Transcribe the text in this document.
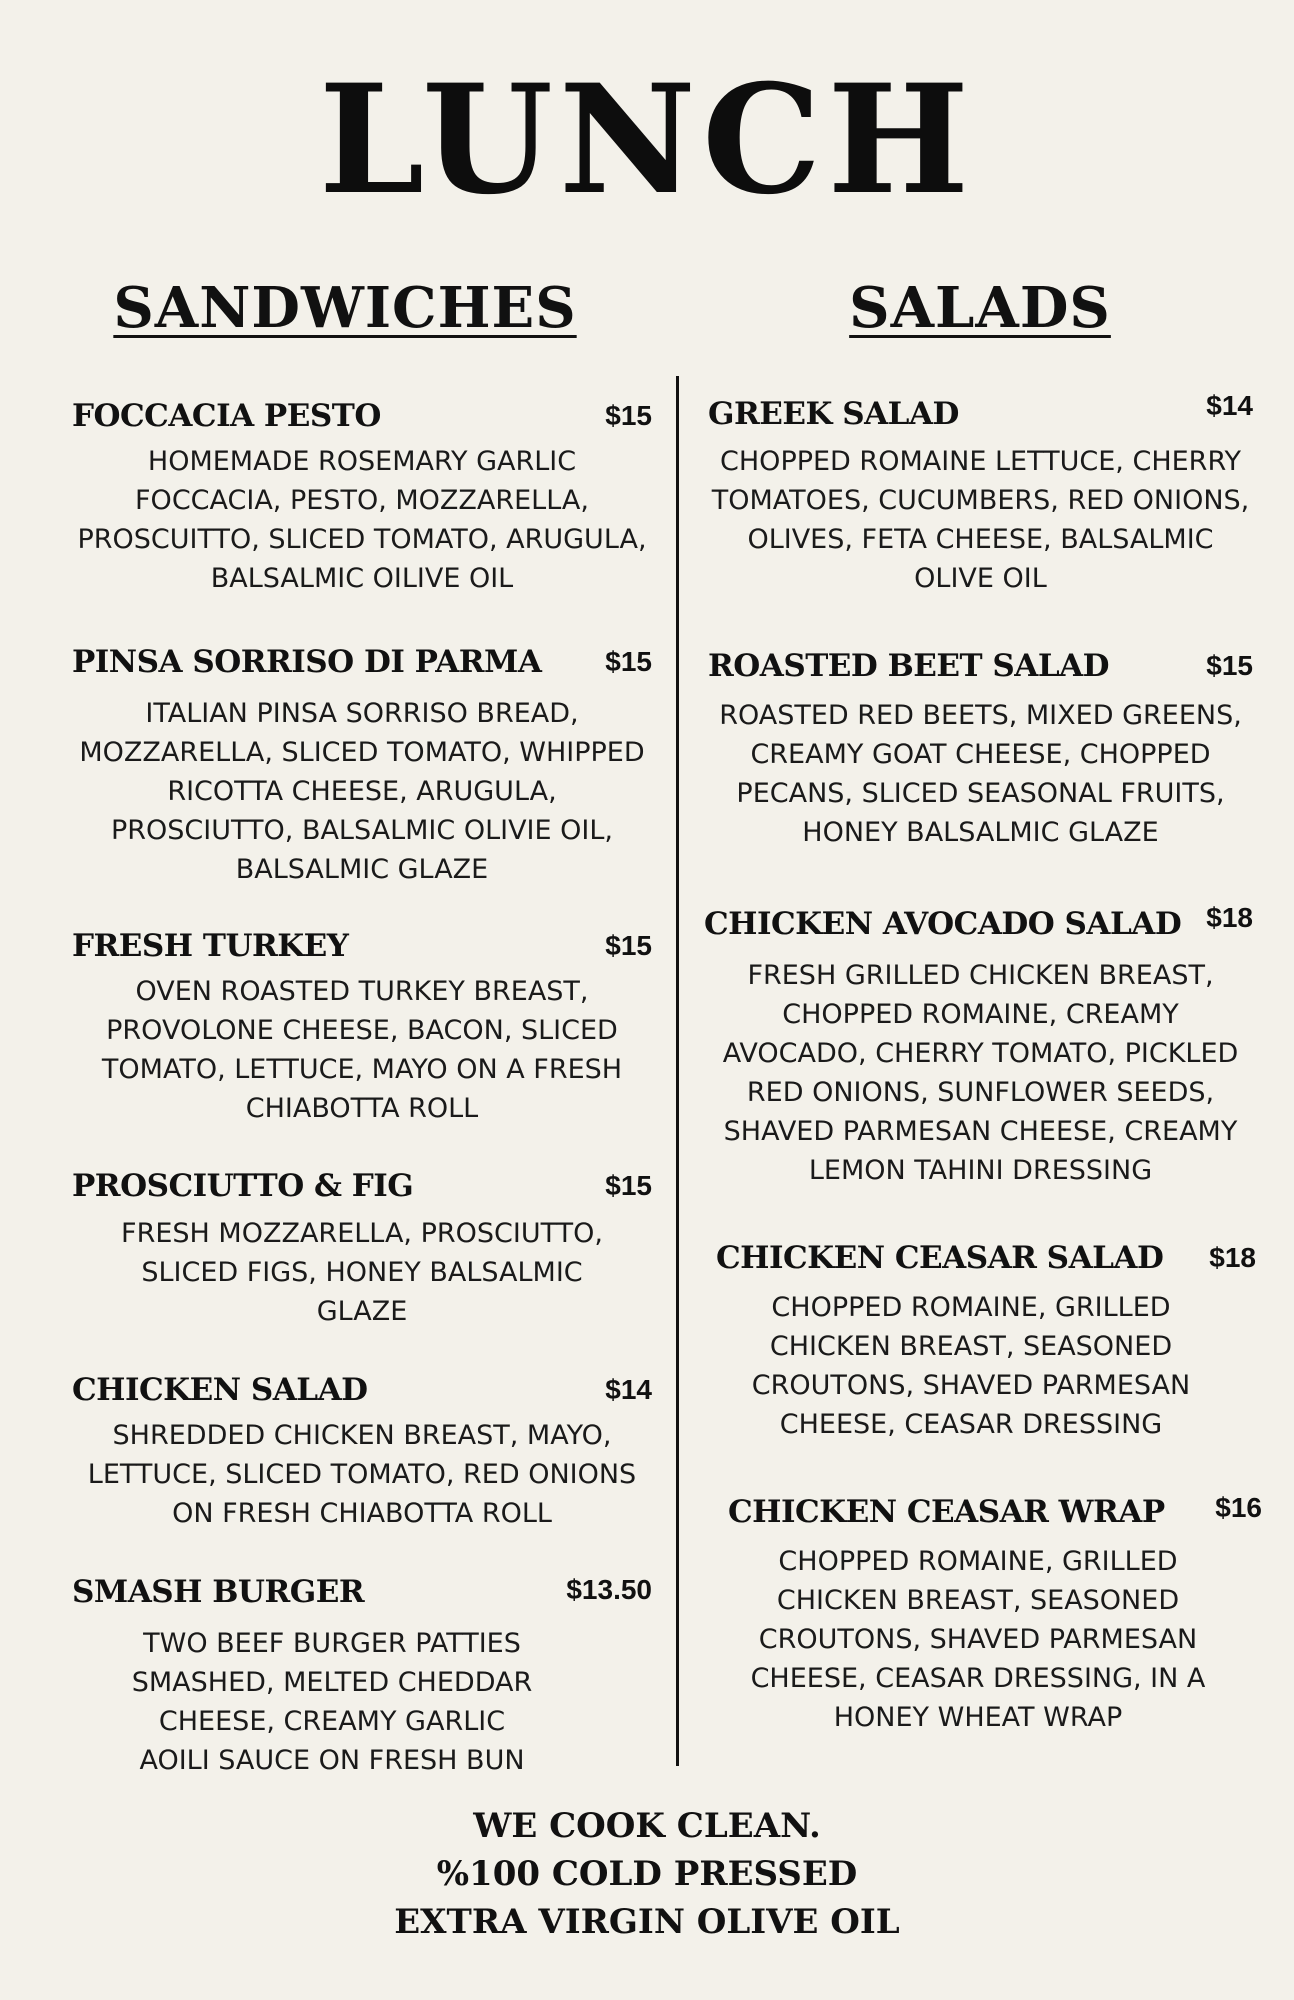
LUNCH
SANDWICHES	SALADS
FOCCACIA PESTO	$15
HOMEMADE ROSEMARY GARLIC FOCCACIA, PESTO, MOZZARELLA, PROSCUITTO, SLICED TOMATO, ARUGULA, BALSALMIC OILIVE OIL
PINSA SORRISO DI PARMA $15
ITALIAN PINSA SORRISO BREAD, MOZZARELLA, SLICED TOMATO, WHIPPED RICOTTA CHEESE, ARUGULA, PROSCIUTTO, BALSALMIC OLIVIE OIL, BALSALMIC GLAZE
FRESH TURKEY	$15
OVEN ROASTED TURKEY BREAST, PROVOLONE CHEESE, BACON, SLICED TOMATO, LETTUCE, MAYO ON A FRESH CHIABOTTA ROLL
PROSCIUTTO & FIG	$15
FRESH MOZZARELLA, PROSCIUTTO, SLICED FIGS, HONEY BALSALMIC GLAZE
CHICKEN SALAD	$14
SHREDDED CHICKEN BREAST, MAYO, LETTUCE, SLICED TOMATO, RED ONIONS ON FRESH CHIABOTTA ROLL
SMASH BURGER	$13.50
TWO BEEF BURGER PATTIES SMASHED, MELTED CHEDDAR CHEESE, CREAMY GARLIC AOILI SAUCE ON FRESH BUN
GREEK SALAD	$14
CHOPPED ROMAINE LETTUCE, CHERRY TOMATOES, CUCUMBERS, RED ONIONS, OLIVES, FETA CHEESE, BALSALMIC OLIVE OIL
ROASTED BEET SALAD	$15
ROASTED RED BEETS, MIXED GREENS, CREAMY GOAT CHEESE, CHOPPED PECANS, SLICED SEASONAL FRUITS, HONEY BALSALMIC GLAZE
CHICKEN AVOCADO SALAD $18
FRESH GRILLED CHICKEN BREAST, CHOPPED ROMAINE, CREAMY AVOCADO, CHERRY TOMATO, PICKLED RED ONIONS, SUNFLOWER SEEDS, SHAVED PARMESAN CHEESE, CREAMY LEMON TAHINI DRESSING
CHICKEN CEASAR SALAD $18
CHOPPED ROMAINE, GRILLED CHICKEN BREAST, SEASONED CROUTONS, SHAVED PARMESAN CHEESE, CEASAR DRESSING
CHICKEN CEASAR WRAP $16
CHOPPED ROMAINE, GRILLED CHICKEN BREAST, SEASONED CROUTONS, SHAVED PARMESAN CHEESE, CEASAR DRESSING, IN A HONEY WHEAT WRAP
WE COOK CLEAN.
%100 COLD PRESSED
EXTRA VIRGIN OLIVE OIL
